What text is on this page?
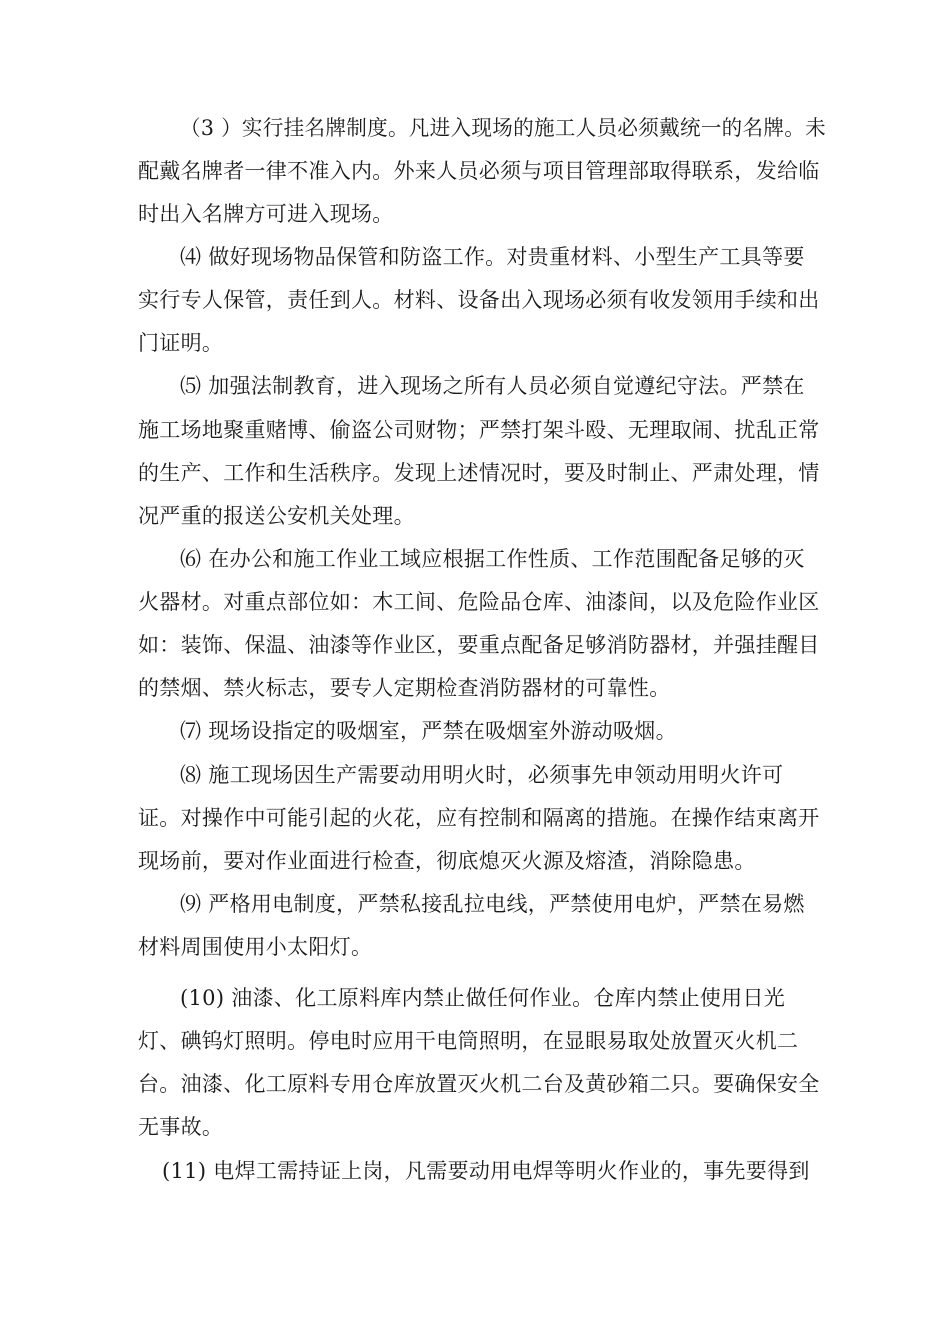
（3 ）实行挂名牌制度。凡进入现场的施工人员必须戴统一的名牌。未
配戴名牌者一律不准入内。外来人员必须与项目管理部取得联系，发给临
时出入名牌方可进入现场。
⑷ 做好现场物品保管和防盗工作。对贵重材料、小型生产工具等要
实行专人保管，责任到人。材料、设备出入现场必须有收发领用手续和出
门证明。
⑸ 加强法制教育，进入现场之所有人员必须自觉遵纪守法。严禁在
施工场地聚重赌博、偷盗公司财物；严禁打架斗殴、无理取闹、扰乱正常
的生产、工作和生活秩序。发现上述情况时，要及时制止、严肃处理，情
况严重的报送公安机关处理。
⑹ 在办公和施工作业工域应根据工作性质、工作范围配备足够的灭
火器材。对重点部位如：木工间、危险品仓库、油漆间，以及危险作业区
如：装饰、保温、油漆等作业区，要重点配备足够消防器材，并强挂醒目
的禁烟、禁火标志，要专人定期检查消防器材的可靠性。
⑺ 现场设指定的吸烟室，严禁在吸烟室外游动吸烟。
⑻ 施工现场因生产需要动用明火时，必须事先申领动用明火许可
证。对操作中可能引起的火花，应有控制和隔离的措施。在操作结束离开
现场前，要对作业面进行检查，彻底熄灭火源及熔渣，消除隐患。
⑼ 严格用电制度，严禁私接乱拉电线，严禁使用电炉，严禁在易燃
材料周围使用小太阳灯。
(10) 油漆、化工原料库内禁止做任何作业。仓库内禁止使用日光
灯、碘钨灯照明。停电时应用干电筒照明，在显眼易取处放置灭火机二
台。油漆、化工原料专用仓库放置灭火机二台及黄砂箱二只。要确保安全
无事故。
(11) 电焊工需持证上岗，凡需要动用电焊等明火作业的，事先要得到
